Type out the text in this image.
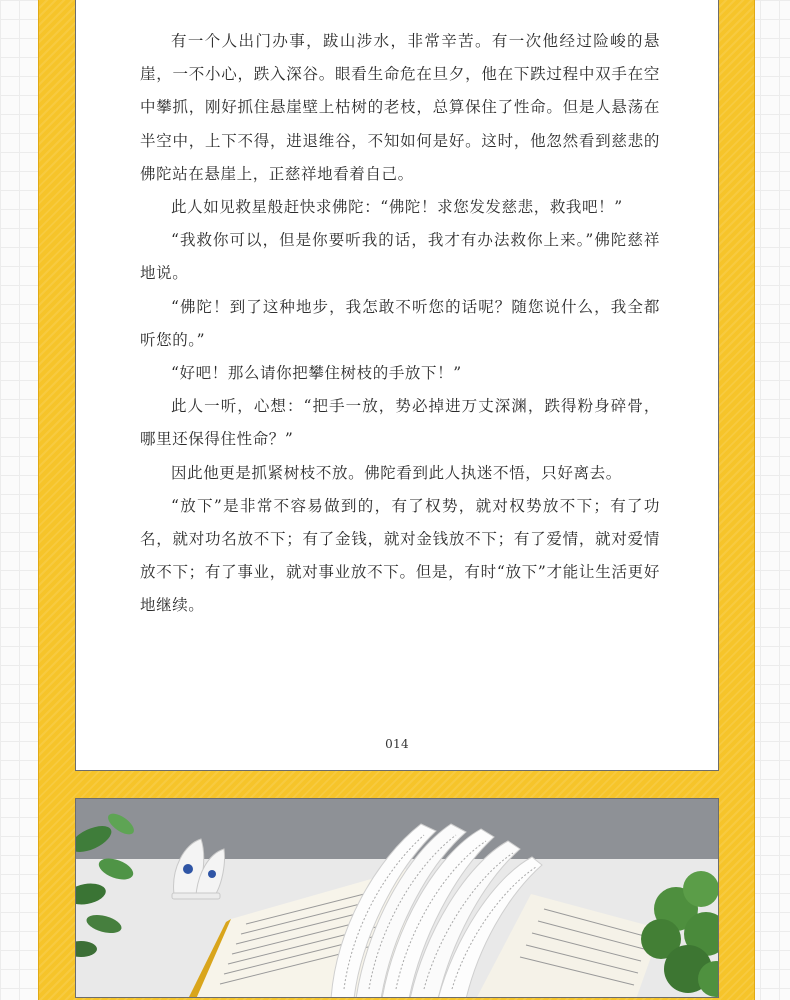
有一个人出门办事，跋山涉水，非常辛苦。有一次他经过险峻的悬崖，一不小心，跌入深谷。眼看生命危在旦夕，他在下跌过程中双手在空中攀抓，刚好抓住悬崖壁上枯树的老枝，总算保住了性命。但是人悬荡在半空中，上下不得，进退维谷，不知如何是好。这时，他忽然看到慈悲的佛陀站在悬崖上，正慈祥地看着自己。

此人如见救星般赶快求佛陀：“佛陀！求您发发慈悲，救我吧！”

“我救你可以，但是你要听我的话，我才有办法救你上来。”佛陀慈祥地说。

“佛陀！到了这种地步，我怎敢不听您的话呢？随您说什么，我全都听您的。”

“好吧！那么请你把攀住树枝的手放下！”

此人一听，心想：“把手一放，势必掉进万丈深渊，跌得粉身碎骨，哪里还保得住性命？”

因此他更是抓紧树枝不放。佛陀看到此人执迷不悟，只好离去。

“放下”是非常不容易做到的，有了权势，就对权势放不下；有了功名，就对功名放不下；有了金钱，就对金钱放不下；有了爱情，就对爱情放不下；有了事业，就对事业放不下。但是，有时“放下”才能让生活更好地继续。

014
